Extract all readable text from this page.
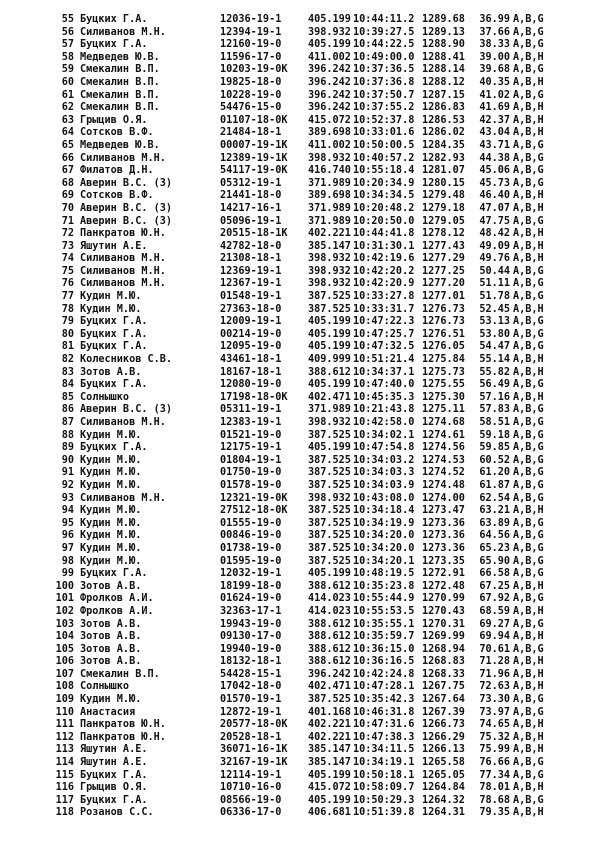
55 Буцких Г.А.	12036-19-1	405.199 10:44:11.2 1289.68	36.99 A,B,G
56 Силиванов М.Н.	12394-19-1	398.932 10:39:27.5 1289.13	37.66 A,B,G
57 Буцких Г.А.	12160-19-0	405.199 10:44:22.5 1288.90	38.33 A,B,G
58 Медведев Ю.В.	11596-17-0	411.002 10:49:00.0 1288.41	39.00 A,B,H
59 Смекалин В.П.	10203-19-0K 396.242 10:37:36.5 1288.14	39.68 A,B,G
60 Смекалин В.П.	19825-18-0	396.242 10:37:36.8 1288.12	40.35 A,B,H
61 Смекалин В.П.	10228-19-0	396.242 10:37:50.7 1287.15	41.02 A,B,G
62 Смекалин В.П.	54476-15-0	396.242 10:37:55.2 1286.83	41.69 A,B,H
63 Грыцив О.Я.	01107-18-0K 415.072 10:52:37.8 1286.53	42.37 A,B,H
64 Сотсков В.Ф.	21484-18-1	389.698 10:33:01.6 1286.02	43.04 A,B,H
65 Медведев Ю.В.	00007-19-1K 411.002 10:50:00.5 1284.35	43.71 A,B,G
66 Силиванов М.Н.	12389-19-1K 398.932 10:40:57.2 1282.93	44.38 A,B,G
67 Филатов Д.Н.	54117-19-0K 416.740 10:55:18.4 1281.07	45.06 A,B,G
68 Аверин В.С. (3)	05312-19-1	371.989 10:20:34.9 1280.15	45.73 A,B,G
69 Сотсков В.Ф.	21441-18-0	389.698 10:34:34.5 1279.48	46.40 A,B,H
70 Аверин В.С. (3)	14217-16-1	371.989 10:20:48.2 1279.18	47.07 A,B,H
71 Аверин В.С. (3)	05096-19-1	371.989 10:20:50.0 1279.05	47.75 A,B,G
72 Панкратов Ю.Н.	20515-18-1K 402.221 10:44:41.8 1278.12	48.42 A,B,H
73 Яшутин А.Е.	42782-18-0	385.147 10:31:30.1 1277.43	49.09 A,B,H
74 Силиванов М.Н.	21308-18-1	398.932 10:42:19.6 1277.29	49.76 A,B,H
75 Силиванов М.Н.	12369-19-1	398.932 10:42:20.2 1277.25	50.44 A,B,G
76 Силиванов М.Н.	12367-19-1	398.932 10:42:20.9 1277.20	51.11 A,B,G
77 Кудин М.Ю.	01548-19-1	387.525 10:33:27.8 1277.01	51.78 A,B,G
78 Кудин М.Ю.	27363-18-0	387.525 10:33:31.7 1276.73	52.45 A,B,H
79 Буцких Г.А.	12009-19-1	405.199 10:47:22.3 1276.73	53.13 A,B,G
80 Буцких Г.А.	00214-19-0	405.199 10:47:25.7 1276.51	53.80 A,B,G
81 Буцких Г.А.	12095-19-0	405.199 10:47:32.5 1276.05	54.47 A,B,G
82 Колесников С.В.	43461-18-1	409.999 10:51:21.4 1275.84	55.14 A,B,H
83 Зотов А.В.	18167-18-1	388.612 10:34:37.1 1275.73	55.82 A,B,H
84 Буцких Г.А.	12080-19-0	405.199 10:47:40.0 1275.55	56.49 A,B,G
85 Солнышко	17198-18-0K 402.471 10:45:35.3 1275.30	57.16 A,B,H
86 Аверин В.С. (3)	05311-19-1	371.989 10:21:43.8 1275.11	57.83 A,B,G
87 Силиванов М.Н.	12383-19-1	398.932 10:42:58.0 1274.68	58.51 A,B,G
88 Кудин М.Ю.	01521-19-0	387.525 10:34:02.1 1274.61	59.18 A,B,G
89 Буцких Г.А.	12175-19-1	405.199 10:47:54.8 1274.56	59.85 A,B,G
90 Кудин М.Ю.	01804-19-1	387.525 10:34:03.2 1274.53	60.52 A,B,G
91 Кудин М.Ю.	01750-19-0	387.525 10:34:03.3 1274.52	61.20 A,B,G
92 Кудин М.Ю.	01578-19-0	387.525 10:34:03.9 1274.48	61.87 A,B,G
93 Силиванов М.Н.	12321-19-0K 398.932 10:43:08.0 1274.00	62.54 A,B,G
94 Кудин М.Ю.	27512-18-0K 387.525 10:34:18.4 1273.47	63.21 A,B,H
95 Кудин М.Ю.	01555-19-0	387.525 10:34:19.9 1273.36	63.89 A,B,G
96 Кудин М.Ю.	00846-19-0	387.525 10:34:20.0 1273.36	64.56 A,B,G
97 Кудин М.Ю.	01738-19-0	387.525 10:34:20.0 1273.36	65.23 A,B,G
98 Кудин М.Ю.	01595-19-0	387.525 10:34:20.1 1273.35	65.90 A,B,G
99 Буцких Г.А.	12032-19-1	405.199 10:48:19.5 1272.91	66.58 A,B,G
100 Зотов А.В.	18199-18-0	388.612 10:35:23.8 1272.48	67.25 A,B,H
101 Фролков А.И.	01624-19-0	414.023 10:55:44.9 1270.99	67.92 A,B,G
102 Фролков А.И.	32363-17-1	414.023 10:55:53.5 1270.43	68.59 A,B,H
103 Зотов А.В.	19943-19-0	388.612 10:35:55.1 1270.31	69.27 A,B,G
104 Зотов А.В.	09130-17-0	388.612 10:35:59.7 1269.99	69.94 A,B,H
105 Зотов А.В.	19940-19-0	388.612 10:36:15.0 1268.94	70.61 A,B,G
106 Зотов А.В.	18132-18-1	388.612 10:36:16.5 1268.83	71.28 A,B,H
107 Смекалин В.П.	54428-15-1	396.242 10:42:24.8 1268.33	71.96 A,B,H
108 Солнышко	17042-18-0	402.471 10:47:28.1 1267.75	72.63 A,B,H
109 Кудин М.Ю.	01570-19-1	387.525 10:35:42.3 1267.64	73.30 A,B,G
110 Анастасия	12872-19-1	401.168 10:46:31.8 1267.39	73.97 A,B,G
111 Панкратов Ю.Н.	20577-18-0K 402.221 10:47:31.6 1266.73	74.65 A,B,H
112 Панкратов Ю.Н.	20528-18-1	402.221 10:47:38.3 1266.29	75.32 A,B,H
113 Яшутин А.Е.	36071-16-1K 385.147 10:34:11.5 1266.13	75.99 A,B,H
114 Яшутин А.Е.	32167-19-1K 385.147 10:34:19.1 1265.58	76.66 A,B,G
115 Буцких Г.А.	12114-19-1	405.199 10:50:18.1 1265.05	77.34 A,B,G
116 Грыцив О.Я.	10710-16-0	415.072 10:58:09.7 1264.84	78.01 A,B,H
117 Буцких Г.А.	08566-19-0	405.199 10:50:29.3 1264.32	78.68 A,B,G
118 Розанов С.С.	06336-17-0	406.681 10:51:39.8 1264.31	79.35 A,B,H
